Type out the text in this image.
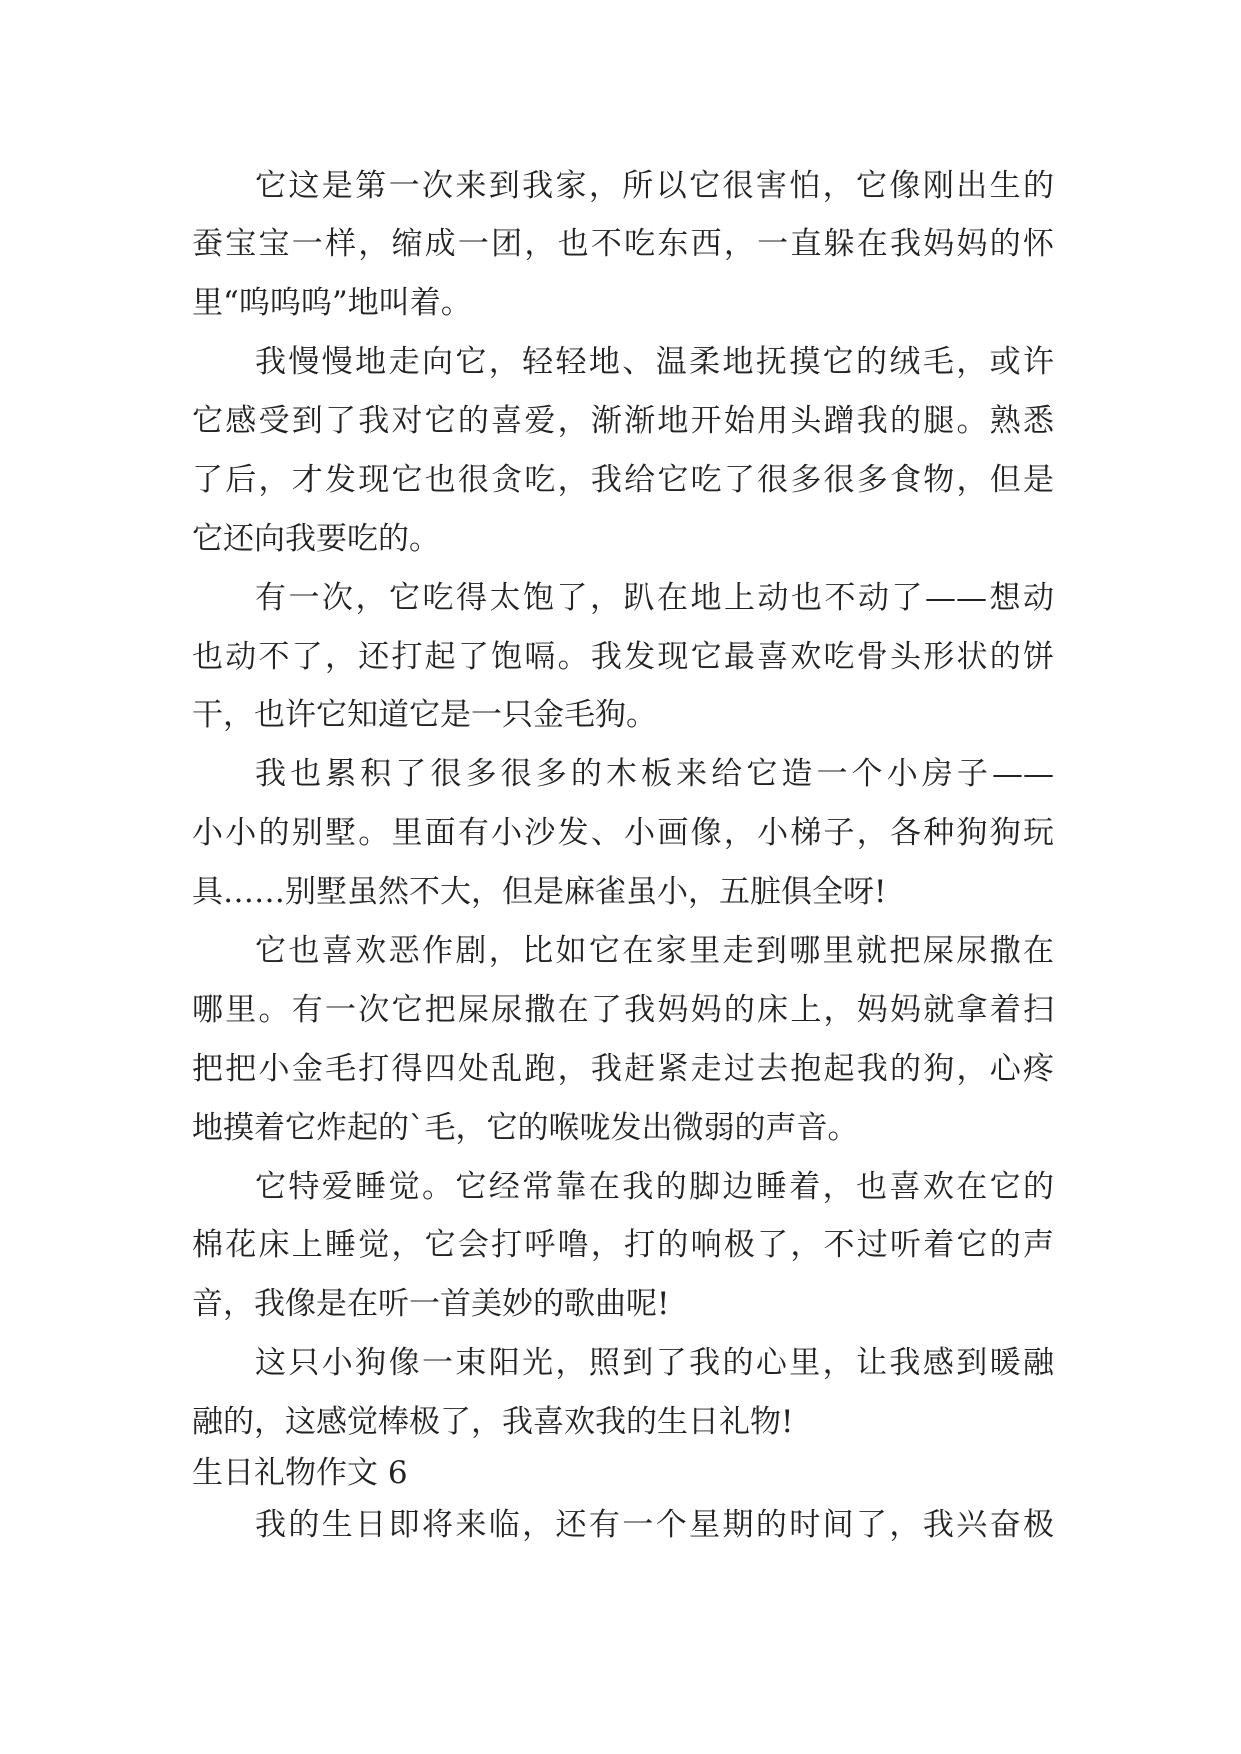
它这是第一次来到我家，所以它很害怕，它像刚出生的
蚕宝宝一样，缩成一团，也不吃东西，一直躲在我妈妈的怀
里“呜呜呜”地叫着。
我慢慢地走向它，轻轻地、温柔地抚摸它的绒毛，或许
它感受到了我对它的喜爱，渐渐地开始用头蹭我的腿。熟悉
了后，才发现它也很贪吃，我给它吃了很多很多食物，但是
它还向我要吃的。
有一次，它吃得太饱了，趴在地上动也不动了——想动
也动不了，还打起了饱嗝。我发现它最喜欢吃骨头形状的饼
干，也许它知道它是一只金毛狗。
我也累积了很多很多的木板来给它造一个小房子——
小小的别墅。里面有小沙发、小画像，小梯子，各种狗狗玩
具……别墅虽然不大，但是麻雀虽小，五脏俱全呀!
它也喜欢恶作剧，比如它在家里走到哪里就把屎尿撒在
哪里。有一次它把屎尿撒在了我妈妈的床上，妈妈就拿着扫
把把小金毛打得四处乱跑，我赶紧走过去抱起我的狗，心疼
地摸着它炸起的`毛，它的喉咙发出微弱的声音。
它特爱睡觉。它经常靠在我的脚边睡着，也喜欢在它的
棉花床上睡觉，它会打呼噜，打的响极了，不过听着它的声
音，我像是在听一首美妙的歌曲呢!
这只小狗像一束阳光，照到了我的心里，让我感到暖融
融的，这感觉棒极了，我喜欢我的生日礼物!
生日礼物作文 6
我的生日即将来临，还有一个星期的时间了，我兴奋极
